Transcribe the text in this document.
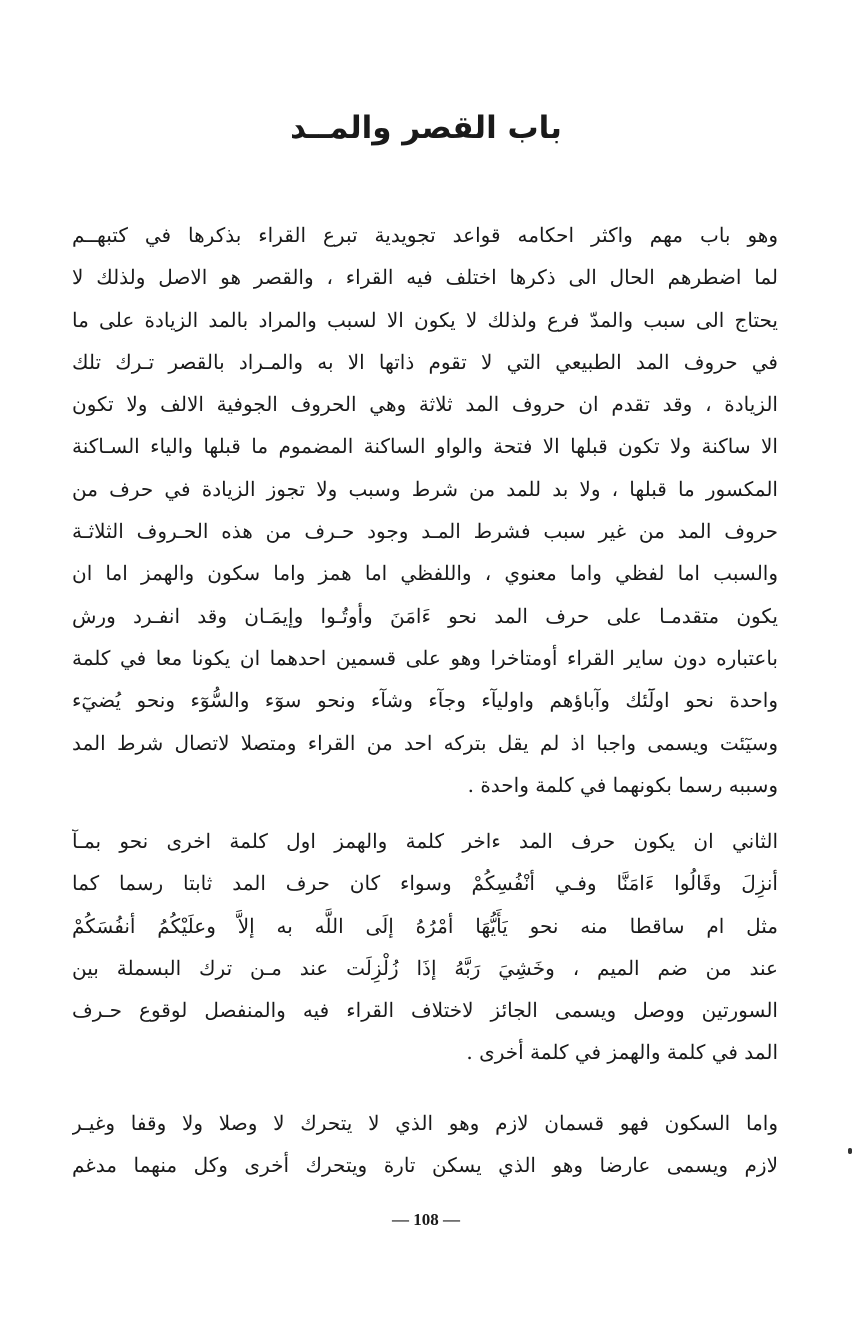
باب القصر والمــد

وهو باب مهم واكثر احكامه قواعد تجويدية تبرع القراء بذكرها في كتبهــم
لما اضطرهم الحال الى ذكرها اختلف فيه القراء ، والقصر هو الاصل ولذلك لا
يحتاج الى سبب والمدّ فرع ولذلك لا يكون الا لسبب والمراد بالمد الزيادة على ما
في حروف المد الطبيعي التي لا تقوم ذاتها الا به والمـراد بالقصر تـرك تلك
الزيادة ، وقد تقدم ان حروف المد ثلاثة وهي الحروف الجوفية الالف ولا تكون
الا ساكنة ولا تكون قبلها الا فتحة والواو الساكنة المضموم ما قبلها والياء السـاكنة
المكسور ما قبلها ، ولا بد للمد من شرط وسبب ولا تجوز الزيادة في حرف من
حروف المد من غير سبب فشرط المـد وجود حـرف من هذه الحـروف الثلاثـة
والسبب اما لفظي واما معنوي ، واللفظي اما همز واما سكون والهمز اما ان
يكون متقدمـا على حرف المد نحو ءَامَنَ وأوتُـوا وإيمَـان وقد انفـرد ورش
باعتباره دون ساير القراء أومتاخرا وهو على قسمين احدهما ان يكونا معا في كلمة
واحدة نحو اولَٓئك وآباؤهم واوليآء وجآء وشآء ونحو سوٓء والسُّوٓء ونحو يُضيٓء
وسيٓئت ويسمى واجبا اذ لم يقل بتركه احد من القراء ومتصلا لاتصال شرط المد
وسببه رسما بكونهما في كلمة واحدة .

الثاني ان يكون حرف المد ءاخر كلمة والهمز اول كلمة اخرى نحو بمـآ
أنزِلَ وقَالُوا ءَامَنَّا وفـي أنْفُسِكُمْ وسواء كان حرف المد ثابتا رسما كما
مثل ام ساقطا منه نحو يَأَيُّهَا أمْرُهُ إلَى اللَّه به إلاَّ وعلَيْكُمُ أنفُسَكُمْ
عند من ضم الميم ، وخَشِيَ رَبَّهُ إذَا زُلْزِلَت عند مـن ترك البسملة بين
السورتين ووصل ويسمى الجائز لاختلاف القراء فيه والمنفصل لوقوع حـرف
المد في كلمة والهمز في كلمة أخرى .

واما السكون فهو قسمان لازم وهو الذي لا يتحرك لا وصلا ولا وقفا وغيـر
لازم ويسمى عارضا وهو الذي يسكن تارة ويتحرك أخرى وكل منهما مدغم

— 108 —
